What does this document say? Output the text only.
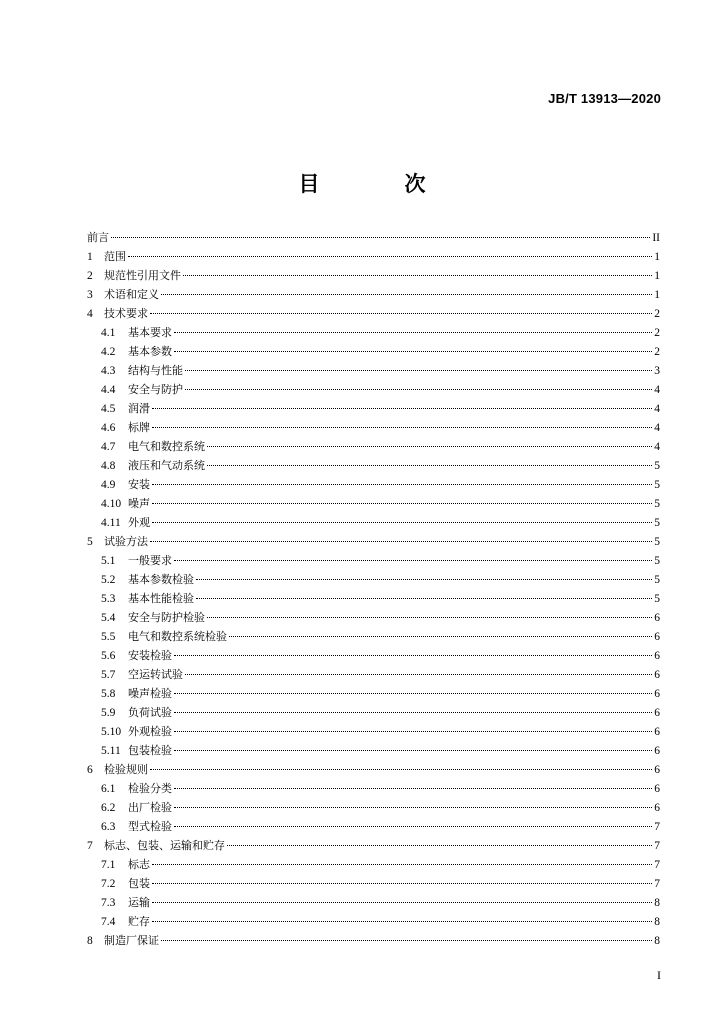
JB/T 13913—2020
目　次
前言	II
1	范围	1
2	规范性引用文件	1
3	术语和定义	1
4	技术要求	2
4.1	基本要求	2
4.2	基本参数	2
4.3	结构与性能	3
4.4	安全与防护	4
4.5	润滑	4
4.6	标牌	4
4.7	电气和数控系统	4
4.8	液压和气动系统	5
4.9	安装	5
4.10 噪声	5
4.11 外观	5
5	试验方法	5
5.1	一般要求	5
5.2	基本参数检验	5
5.3	基本性能检验	5
5.4	安全与防护检验	6
5.5	电气和数控系统检验	6
5.6	安装检验	6
5.7	空运转试验	6
5.8	噪声检验	6
5.9	负荷试验	6
5.10 外观检验	6
5.11 包装检验	6
6	检验规则	6
6.1	检验分类	6
6.2	出厂检验	6
6.3	型式检验	7
7	标志、包装、运输和贮存	7
7.1	标志	7
7.2	包装	7
7.3	运输	8
7.4	贮存	8
8	制造厂保证	8
I
